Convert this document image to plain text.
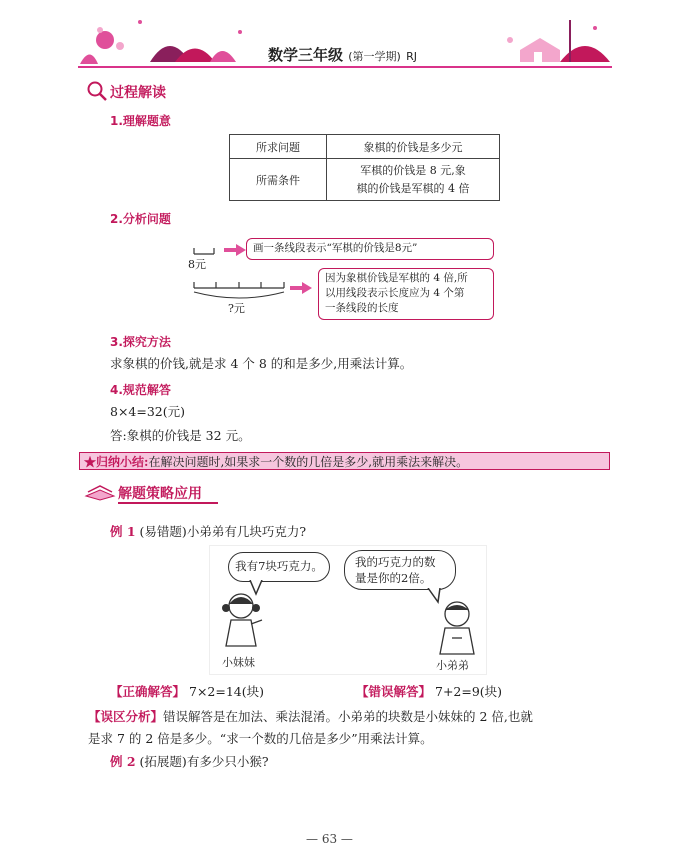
数学三年级 (第一学期) RJ
过程解读
1.理解题意
所求问题	象棋的价钱是多少元
所需条件	军棋的价钱是 8 元,象
棋的价钱是军棋的 4 倍
2.分析问题
8元
?元
画一条线段表示“军棋的价钱是8元”
因为象棋价钱是军棋的 4 倍,所
以用线段表示长度应为 4 个第
一条线段的长度
3.探究方法
求象棋的价钱,就是求 4 个 8 的和是多少,用乘法计算。
4.规范解答
8×4=32(元)
答:象棋的价钱是 32 元。
★归纳小结:在解决问题时,如果求一个数的几倍是多少,就用乘法来解决。
解题策略应用
例 1 (易错题)小弟弟有几块巧克力?
我有7块巧克力。	我的巧克力的数
量是你的2倍。
小妹妹	小弟弟
【正确解答】 7×2=14(块)	【错误解答】 7+2=9(块)
【误区分析】错误解答是在加法、乘法混淆。小弟弟的块数是小妹妹的 2 倍,也就
是求 7 的 2 倍是多少。“求一个数的几倍是多少”用乘法计算。
例 2 (拓展题)有多少只小猴?
— 63 —
